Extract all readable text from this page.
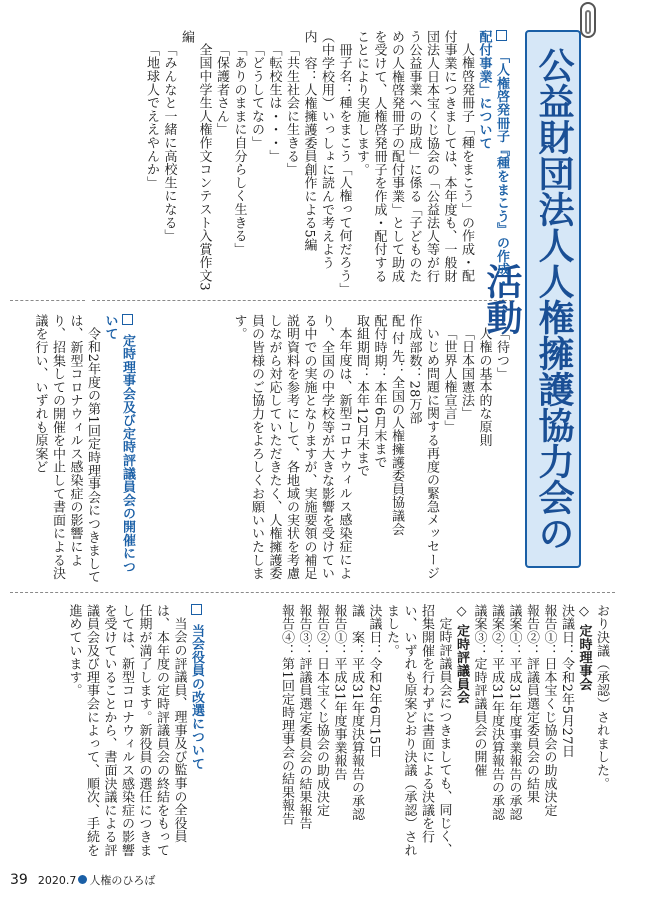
公益財団法人人権擁護協力会の活動
「人権啓発冊子『種をまこう』の作成・配付事業」について

人権啓発冊子「種をまこう」の作成・配付事業につきましては、本年度も、一般財団法人日本宝くじ協会の「公益法人等が行う公益事業への助成」に係る「子どものための人権啓発冊子の配付事業」として助成を受けて、人権啓発冊子を作成・配付することにより実施します。

冊子名：種をまこう「人権って何だろう」（中学校用）いっしょに読んで考えよう

内　容：人権擁護委員創作による5編

「共生社会に生きる」

「転校生は・・・」

「どうしてなの」

「ありのままに自分らしく生きる」

「保護者さん」

全国中学生人権作文コンテスト入賞作文3編

「みんなと一緒に高校生になる」

「地球人でええやんか」

「待つ」

人権の基本的な原則

「日本国憲法」

「世界人権宣言」

いじめ問題に関する再度の緊急メッセージ

作成部数：28万部

配 付 先：全国の人権擁護委員協議会

配付時期：本年6月末まで

取組期間：本年12月末まで

本年度は、新型コロナウィルス感染症により、全国の中学校等が大きな影響を受けている中での実施となりますが、実施要領の補足説明資料を参考にして、各地域の実状を考慮しながら対応していただきたく、人権擁護委員の皆様のご協力をよろしくお願いいたします。

定時理事会及び定時評議員会の開催について

令和2年度の第1回定時理事会につきましては、新型コロナウィルス感染症の影響により、招集しての開催を中止して書面による決議を行い、いずれも原案ど

おり決議（承認）されました。

◇ 定時理事会

決議日：令和2年5月27日

報告①：日本宝くじ協会の助成決定

報告②：評議員選定委員会の結果

議案①：平成31年度事業報告の承認

議案②：平成31年度決算報告の承認

議案③：定時評議員会の開催

◇ 定時評議員会

定時評議員会につきましても、同じく、招集開催を行わずに書面による決議を行い、いずれも原案どおり決議（承認）されました。

決議日：令和2年6月15日

議　案：平成31年度決算報告の承認

報告①：平成31年度事業報告

報告②：日本宝くじ協会の助成決定

報告③：評議員選定委員会の結果報告

報告④：第1回定時理事会の結果報告

当会役員の改選について

当会の評議員、理事及び監事の全役員は、本年度の定時評議員会の終結をもって任期が満了します。新役員の選任につきましては、新型コロナウィルス感染症の影響を受けていることから、書面決議による評議員会及び理事会によって、順次、手続を進めています。

39 2020.7 人権のひろば
